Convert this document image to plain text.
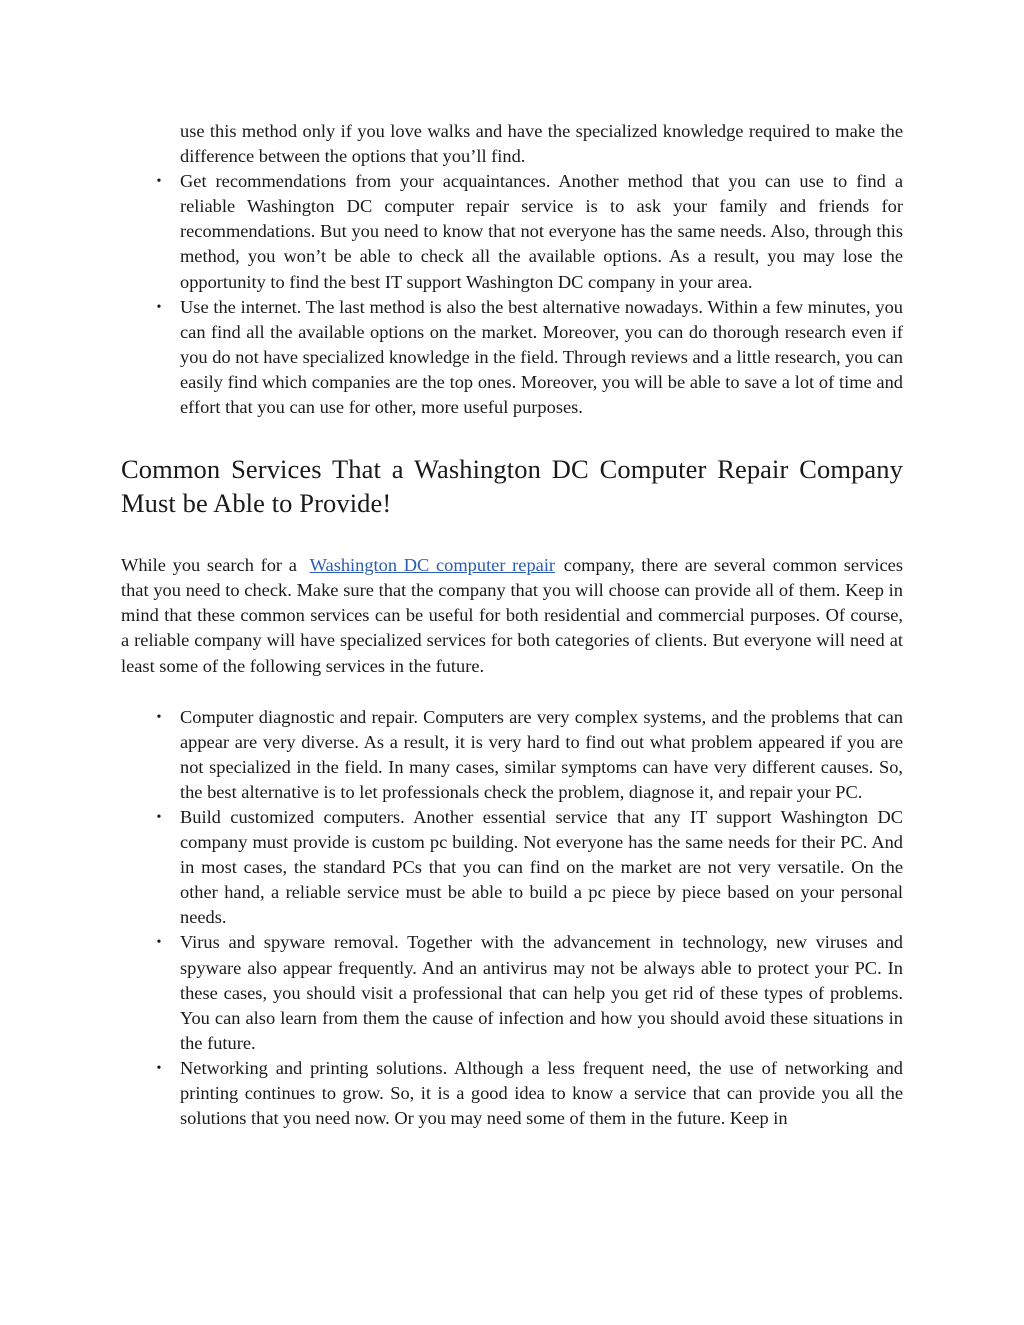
use this method only if you love walks and have the specialized knowledge required to make the difference between the options that you’ll find.

• Get recommendations from your acquaintances. Another method that you can use to find a reliable Washington DC computer repair service is to ask your family and friends for recommendations. But you need to know that not everyone has the same needs. Also, through this method, you won’t be able to check all the available options. As a result, you may lose the opportunity to find the best IT support Washington DC company in your area.
• Use the internet. The last method is also the best alternative nowadays. Within a few minutes, you can find all the available options on the market. Moreover, you can do thorough research even if you do not have specialized knowledge in the field. Through reviews and a little research, you can easily find which companies are the top ones. Moreover, you will be able to save a lot of time and effort that you can use for other, more useful purposes.
Common Services That a Washington DC Computer Repair Company Must be Able to Provide!

While you search for a Washington DC computer repair company, there are several common services that you need to check. Make sure that the company that you will choose can provide all of them. Keep in mind that these common services can be useful for both residential and commercial purposes. Of course, a reliable company will have specialized services for both categories of clients. But everyone will need at least some of the following services in the future.

• Computer diagnostic and repair. Computers are very complex systems, and the problems that can appear are very diverse. As a result, it is very hard to find out what problem appeared if you are not specialized in the field. In many cases, similar symptoms can have very different causes. So, the best alternative is to let professionals check the problem, diagnose it, and repair your PC.
• Build customized computers. Another essential service that any IT support Washington DC company must provide is custom pc building. Not everyone has the same needs for their PC. And in most cases, the standard PCs that you can find on the market are not very versatile. On the other hand, a reliable service must be able to build a pc piece by piece based on your personal needs.
• Virus and spyware removal. Together with the advancement in technology, new viruses and spyware also appear frequently. And an antivirus may not be always able to protect your PC. In these cases, you should visit a professional that can help you get rid of these types of problems. You can also learn from them the cause of infection and how you should avoid these situations in the future.
• Networking and printing solutions. Although a less frequent need, the use of networking and printing continues to grow. So, it is a good idea to know a service that can provide you all the solutions that you need now. Or you may need some of them in the future. Keep in
